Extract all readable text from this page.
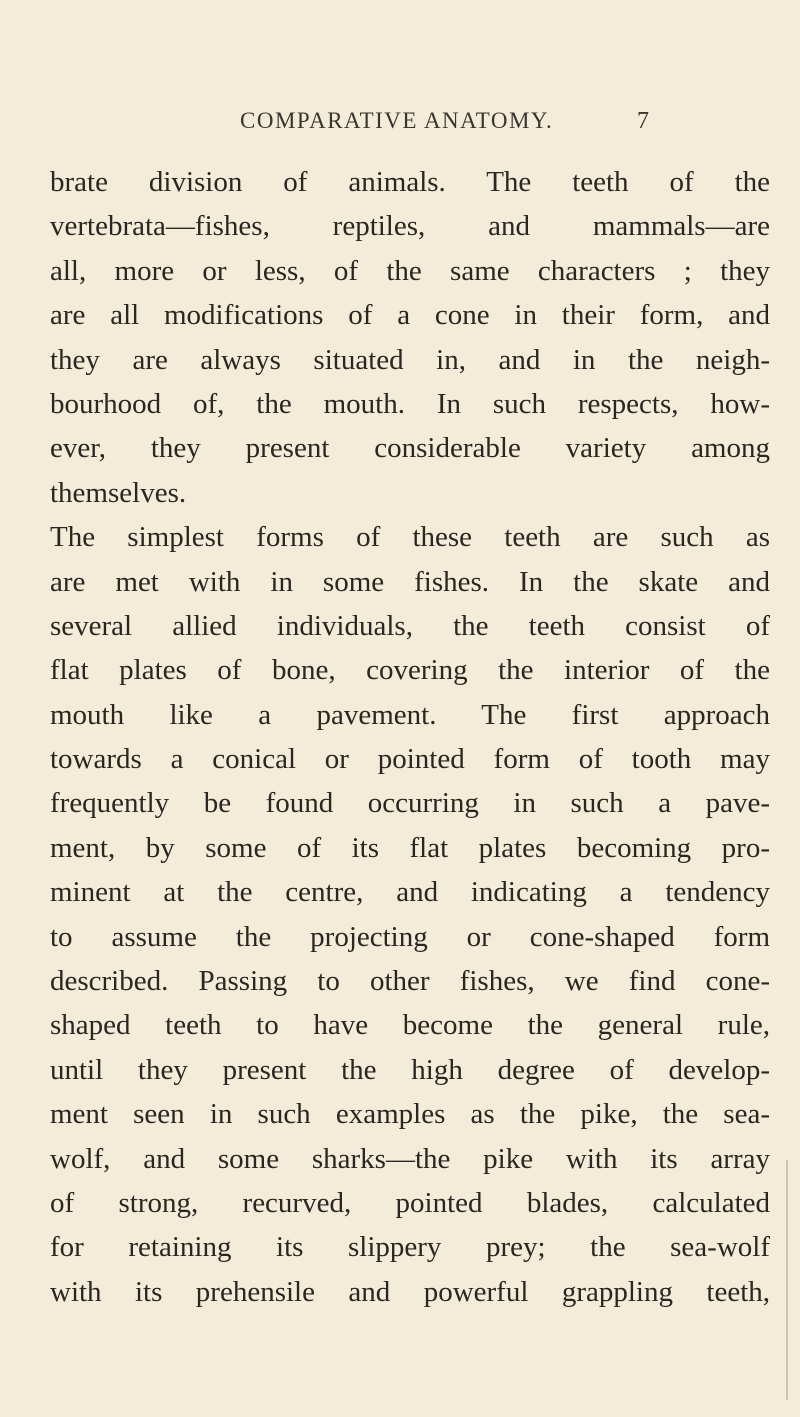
COMPARATIVE ANATOMY.	7
brate division of animals. The teeth of the
vertebrata—fishes, reptiles, and mammals—are
all, more or less, of the same characters ; they
are all modifications of a cone in their form, and
they are always situated in, and in the neigh-
bourhood of, the mouth. In such respects, how-
ever, they present considerable variety among
themselves.
The simplest forms of these teeth are such as
are met with in some fishes. In the skate and
several allied individuals, the teeth consist of
flat plates of bone, covering the interior of the
mouth like a pavement. The first approach
towards a conical or pointed form of tooth may
frequently be found occurring in such a pave-
ment, by some of its flat plates becoming pro-
minent at the centre, and indicating a tendency
to assume the projecting or cone-shaped form
described. Passing to other fishes, we find cone-
shaped teeth to have become the general rule,
until they present the high degree of develop-
ment seen in such examples as the pike, the sea-
wolf, and some sharks—the pike with its array
of strong, recurved, pointed blades, calculated
for retaining its slippery prey; the sea-wolf
with its prehensile and powerful grappling teeth,
